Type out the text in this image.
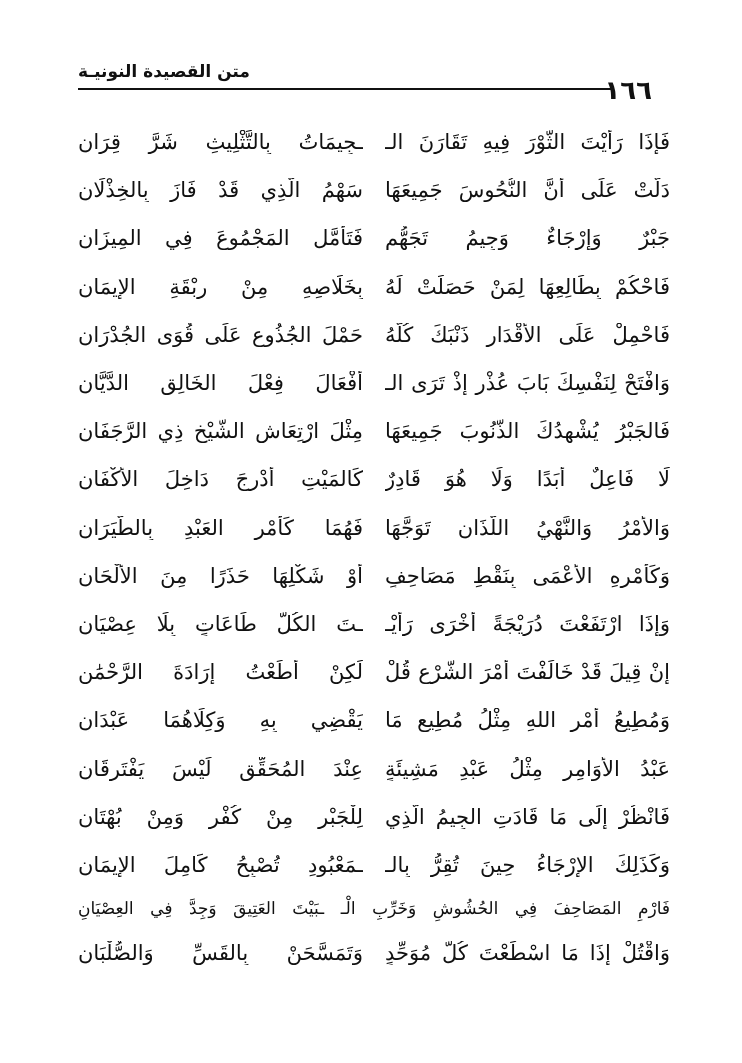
متن القصيدة النونيـة
١٦٦
فَإِذَا رَأَيْتَ الثَّوْرَ فِيهِ تَقَارَنَ الـ
ـجِيمَاتُ بِالتَّثْلِيثِ شَرَّ قِرَانِ
دَلَّتْ عَلَى أَنَّ النُّحُوسَ جَمِيعَهَا
سَهْمُ الَّذِي قَدْ فَازَ بِالخِذْلَانِ
جَبْرٌ وَإِرْجَاءٌ وَجِيمُ تَجَهُّمٍ
فَتَأَمَّلِ المَجْمُوعَ فِي المِيزَانِ
فَاحْكُمْ بِطَالِعِهَا لِمَنْ حَصَلَتْ لَهُ
بِخَلَاصِهِ مِنْ رِبْقَةِ الإِيمَانِ
فَاحْمِلْ عَلَى الأَقْدَارِ ذَنْبَكَ كُلَّهُ
حَمْلَ الجُذُوعِ عَلَى قُوَى الجُدْرَانِ
وَافْتَحْ لِنَفْسِكَ بَابَ عُذْرٍ إِذْ تَرَى الـ
أَفْعَالَ فِعْلَ الخَالِقِ الدَّيَّانِ
فَالجَبْرُ يُشْهِدُكَ الذُّنُوبَ جَمِيعَهَا
مِثْلَ ارْتِعَاشِ الشَّيْخِ ذِي الرَّجَفَانِ
لَا فَاعِلٌ أَبَدًا وَلَا هُوَ قَادِرٌ
كَالمَيْتِ أُدْرِجَ دَاخِلَ الأَكْفَانِ
وَالأَمْرُ وَالنَّهْيُ اللَّذَانِ تَوَجَّهَا
فَهُمَا كَأَمْرِ العَبْدِ بِالطَّيَرَانِ
وَكَأَمْرِهِ الأَعْمَى بِنَقْطِ مَصَاحِفٍ
أَوْ شَكْلِهَا حَذَرًا مِنَ الأَلْحَانِ
وَإِذَا ارْتَفَعْتَ دُرَيْجَةً أُخْرَى رَأَيْـ
ـتَ الكُلَّ طَاعَاتٍ بِلَا عِصْيَانِ
إِنْ قِيلَ قَدْ خَالَفْتَ أَمْرَ الشَّرْعِ قُلْ
لَكِنْ أَطَعْتُ إِرَادَةَ الرَّحْمَٰنِ
وَمُطِيعُ أَمْرِ اللهِ مِثْلُ مُطِيعِ مَا
يَقْضِي بِهِ وَكِلَاهُمَا عَبْدَانِ
عَبْدُ الأَوَامِرِ مِثْلُ عَبْدِ مَشِيئَةٍ
عِنْدَ المُحَقِّقِ لَيْسَ يَفْتَرِقَانِ
فَانْظُرْ إِلَى مَا قَادَتِ الجِيمُ الَّذِي
لِلْجَبْرِ مِنْ كُفْرٍ وَمِنْ بُهْتَانِ
وَكَذَلِكَ الإِرْجَاءُ حِينَ تُقِرُّ بِالـ
ـمَعْبُودِ تُصْبِحُ كَامِلَ الإِيمَانِ
فَارْمِ المَصَاحِفَ فِي الحُشُوشِ وَخَرِّبِ الْـ ـبَيْتَ العَتِيقَ وَجِدَّ فِي العِصْيَانِ
وَاقْتُلْ إِذَا مَا اسْطَعْتَ كُلَّ مُوَحِّدٍ
وَتَمَسَّحَنْ بِالقَسِّ وَالصُّلْبَانِ
